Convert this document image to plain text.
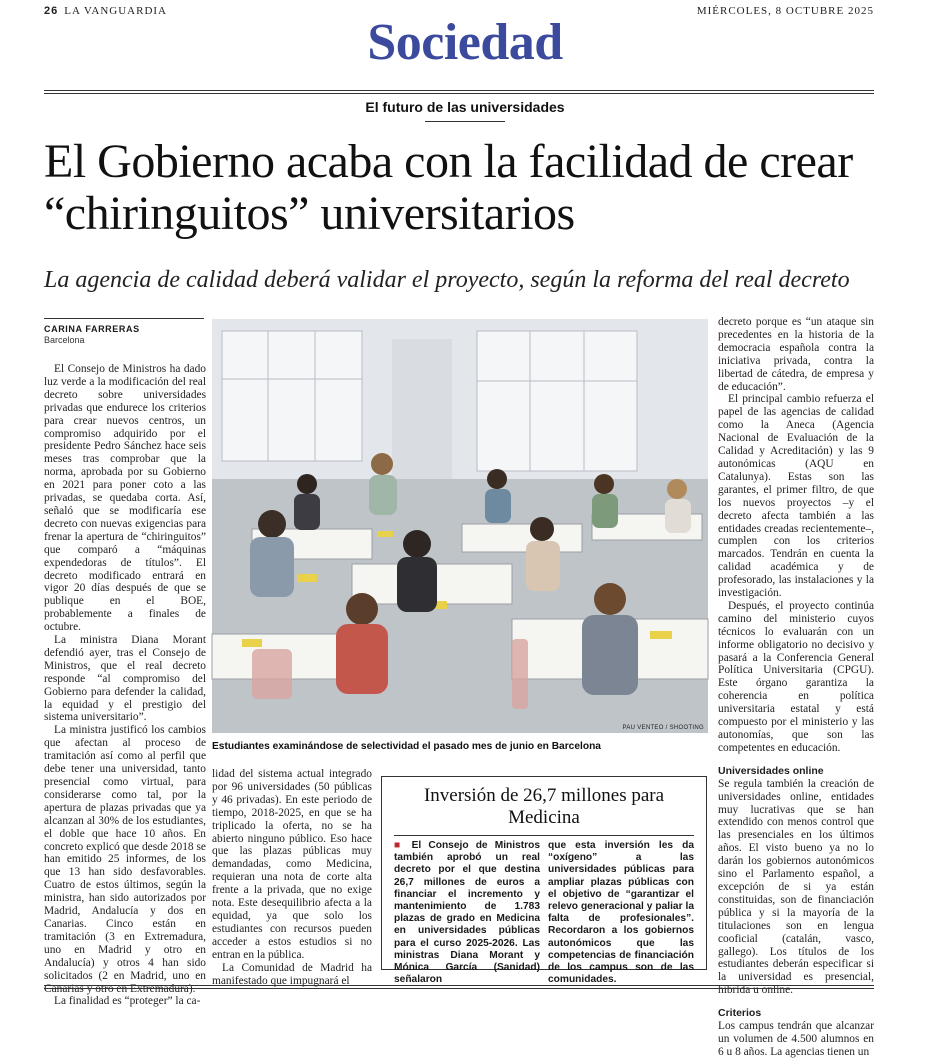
26 LA VANGUARDIA	MIÉRCOLES, 8 OCTUBRE 2025
Sociedad
El futuro de las universidades
El Gobierno acaba con la facilidad de crear “chiringuitos” universitarios
La agencia de calidad deberá validar el proyecto, según la reforma del real decreto
CARINA FARRERAS
Barcelona

El Consejo de Ministros ha dado luz verde a la modificación del real decreto sobre universidades privadas que endurece los criterios para crear nuevos centros, un compromiso adquirido por el presidente Pedro Sánchez hace seis meses tras comprobar que la norma, aprobada por su Gobierno en 2021 para poner coto a las privadas, se quedaba corta. Así, señaló que se modificaría ese decreto con nuevas exigencias para frenar la apertura de “chiringuitos” que comparó a “máquinas expendedoras de títulos”. El decreto modificado entrará en vigor 20 días después de que se publique en el BOE, probablemente a finales de octubre.

La ministra Diana Morant defendió ayer, tras el Consejo de Ministros, que el real decreto responde “al compromiso del Gobierno para defender la calidad, la equidad y el prestigio del sistema universitario”.

La ministra justificó los cambios que afectan al proceso de tramitación así como al perfil que debe tener una universidad, tanto presencial como virtual, para considerarse como tal, por la apertura de plazas privadas que ya alcanzan al 30% de los estudiantes, el doble que hace 10 años. En concreto explicó que desde 2018 se han emitido 25 informes, de los que 13 han sido desfavorables. Cuatro de estos últimos, según la ministra, han sido autorizados por Madrid, Andalucía y dos en Canarias. Cinco están en tramitación (3 en Extremadura, uno en Madrid y otro en Andalucía) y otros 4 han sido solicitados (2 en Madrid, uno en Canarias y otro en Extremadura).

La finalidad es “proteger” la ca-

PAU VENTEO / SHOOTING
Estudiantes examinándose de selectividad el pasado mes de junio en Barcelona

lidad del sistema actual integrado por 96 universidades (50 públicas y 46 privadas). En este periodo de tiempo, 2018-2025, en que se ha triplicado la oferta, no se ha abierto ninguno público. Eso hace que las plazas públicas muy demandadas, como Medicina, requieran una nota de corte alta frente a la privada, que no exige nota. Este desequilibrio afecta a la equidad, ya que solo los estudiantes con recursos pueden acceder a estos estudios si no entran en la pública.

La Comunidad de Madrid ha manifestado que impugnará el

Inversión de 26,7 millones para Medicina
■ El Consejo de Ministros también aprobó un real decreto por el que destina 26,7 millones de euros a financiar el incremento y mantenimiento de 1.783 plazas de grado en Medicina en universidades públicas para el curso 2025-2026. Las ministras Diana Morant y Mónica García (Sanidad) señalaron
que esta inversión les da “oxígeno” a las universidades públicas para ampliar plazas públicas con el objetivo de “garantizar el relevo generacional y paliar la falta de profesionales”. Recordaron a los gobiernos autonómicos que las competencias de financiación de los campus son de las comunidades.

decreto porque es “un ataque sin precedentes en la historia de la democracia española contra la iniciativa privada, contra la libertad de cátedra, de empresa y de educación”.

El principal cambio refuerza el papel de las agencias de calidad como la Aneca (Agencia Nacional de Evaluación de la Calidad y Acreditación) y las 9 autonómicas (AQU en Catalunya). Estas son las garantes, el primer filtro, de que los nuevos proyectos –y el decreto afecta también a las entidades creadas recientemente–, cumplen con los criterios marcados. Tendrán en cuenta la calidad académica y de profesorado, las instalaciones y la investigación.

Después, el proyecto continúa camino del ministerio cuyos técnicos lo evaluarán con un informe obligatorio no decisivo y pasará a la Conferencia General Política Universitaria (CPGU). Este órgano garantiza la coherencia en política universitaria estatal y está compuesto por el ministerio y las autonomías, que son las competentes en educación.

Universidades online

Se regula también la creación de universidades online, entidades muy lucrativas que se han extendido con menos control que las presenciales en los últimos años. El visto bueno ya no lo darán los gobiernos autonómicos sino el Parlamento español, a excepción de si ya están constituidas, son de financiación pública y si la mayoría de la titulaciones son en lengua cooficial (catalán, vasco, gallego). Los títulos de los estudiantes deberán especificar si la universidad es presencial, híbrida u online.

Criterios

Los campus tendrán que alcanzar un volumen de 4.500 alumnos en 6 u 8 años. La agencias tienen un
